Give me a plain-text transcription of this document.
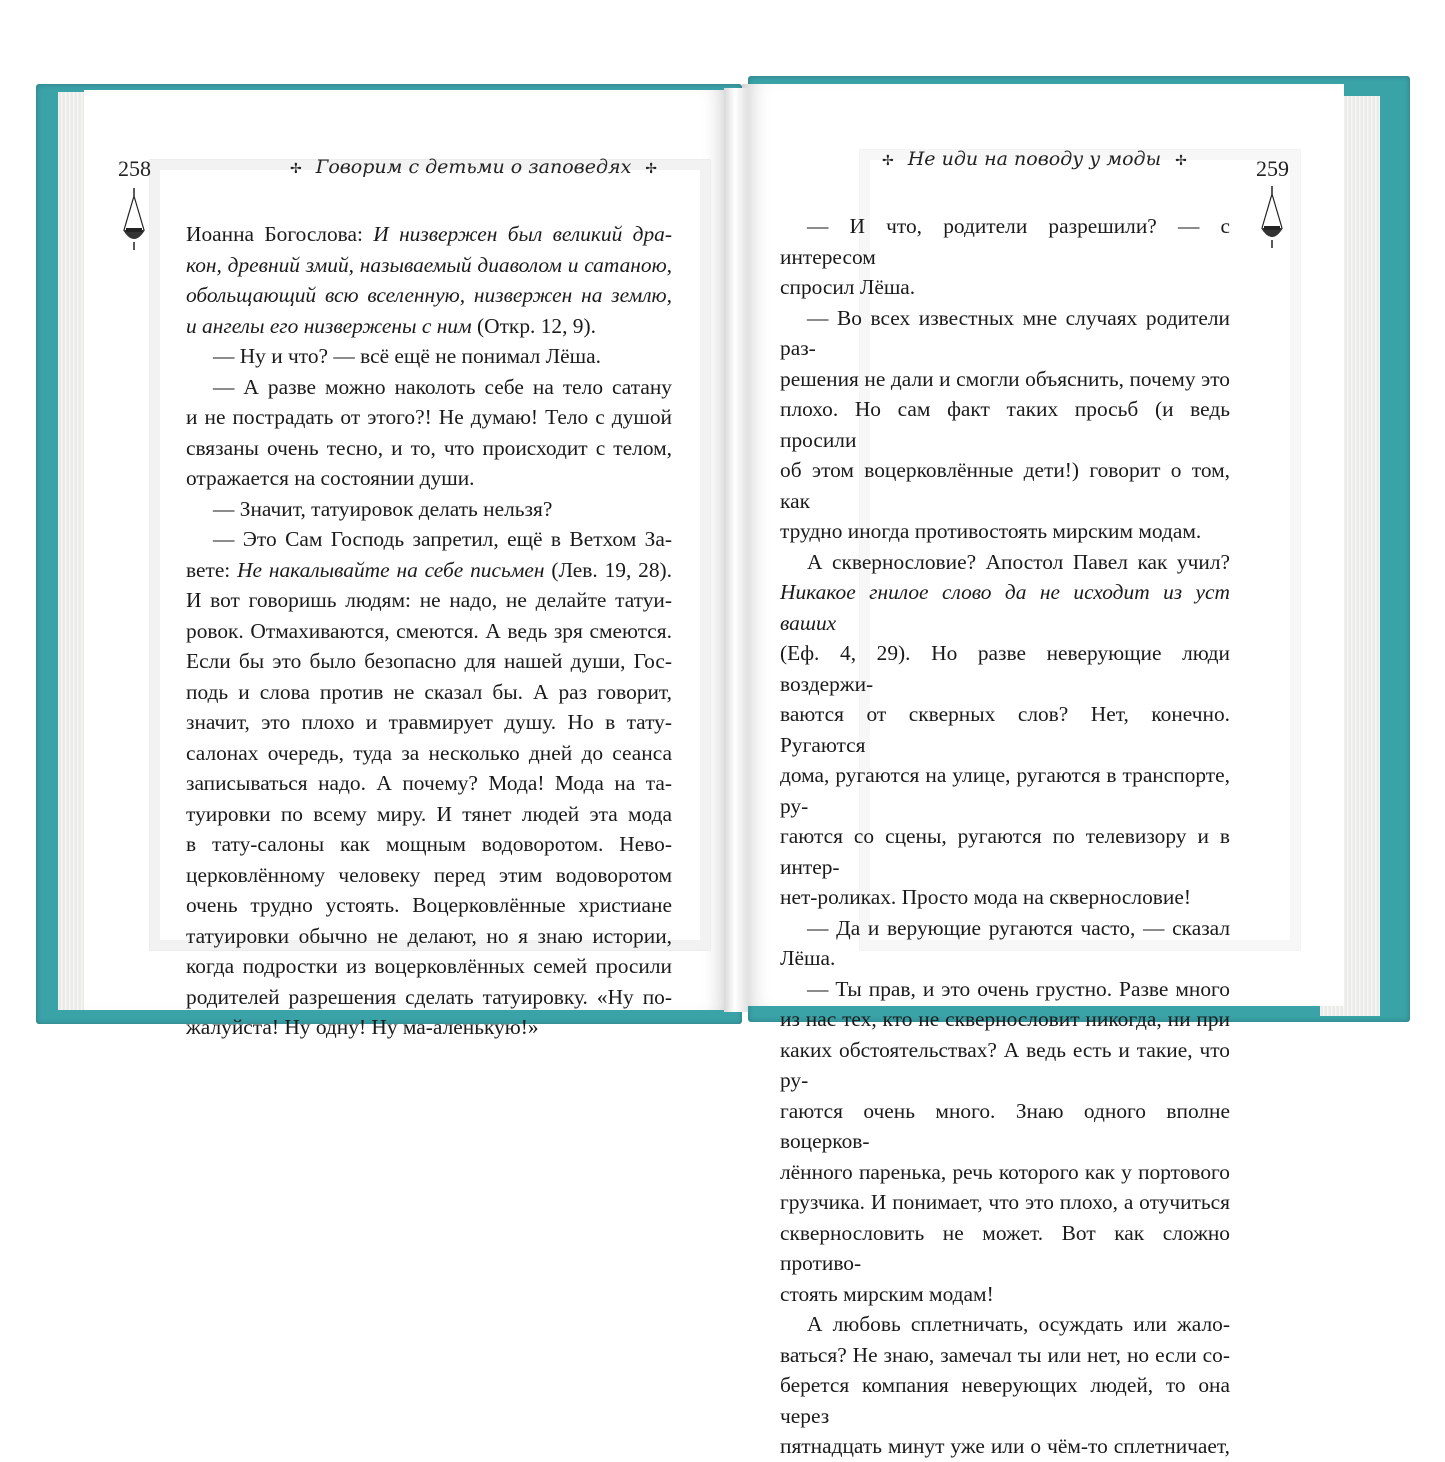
258	✢ Говорим с детьми о заповедях ✢	✢ Не иди на поводу у моды ✢	259
Иоанна Богослова: И низвержен был великий дра-
кон, древний змий, называемый диаволом и сатаною,
обольщающий всю вселенную, низвержен на землю,
и ангелы его низвержены с ним (Откр. 12, 9).
— Ну и что? — всё ещё не понимал Лёша.
— А разве можно наколоть себе на тело сатану
и не пострадать от этого?! Не думаю! Тело с душой
связаны очень тесно, и то, что происходит с телом,
отражается на состоянии души.
— Значит, татуировок делать нельзя?
— Это Сам Господь запретил, ещё в Ветхом За-
вете: Не накалывайте на себе письмен (Лев. 19, 28).
И вот говоришь людям: не надо, не делайте татуи-
ровок. Отмахиваются, смеются. А ведь зря смеются.
Если бы это было безопасно для нашей души, Гос-
подь и слова против не сказал бы. А раз говорит,
значит, это плохо и травмирует душу. Но в тату-
салонах очередь, туда за несколько дней до сеанса
записываться надо. А почему? Мода! Мода на та-
туировки по всему миру. И тянет людей эта мода
в тату-салоны как мощным водоворотом. Нево-
церковлённому человеку перед этим водоворотом
очень трудно устоять. Воцерковлённые христиане
татуировки обычно не делают, но я знаю истории,
когда подростки из воцерковлённых семей просили
родителей разрешения сделать татуировку. «Ну по-
жалуйста! Ну одну! Ну ма-аленькую!»
— И что, родители разрешили? — с интересом
спросил Лёша.
— Во всех известных мне случаях родители раз-
решения не дали и смогли объяснить, почему это
плохо. Но сам факт таких просьб (и ведь просили
об этом воцерковлённые дети!) говорит о том, как
трудно иногда противостоять мирским модам.
А сквернословие? Апостол Павел как учил?
Никакое гнилое слово да не исходит из уст ваших
(Еф. 4, 29). Но разве неверующие люди воздержи-
ваются от скверных слов? Нет, конечно. Ругаются
дома, ругаются на улице, ругаются в транспорте, ру-
гаются со сцены, ругаются по телевизору и в интер-
нет-роликах. Просто мода на сквернословие!
— Да и верующие ругаются часто, — сказал Лёша.
— Ты прав, и это очень грустно. Разве много
из нас тех, кто не сквернословит никогда, ни при
каких обстоятельствах? А ведь есть и такие, что ру-
гаются очень много. Знаю одного вполне воцерков-
лённого паренька, речь которого как у портового
грузчика. И понимает, что это плохо, а отучиться
сквернословить не может. Вот как сложно противо-
стоять мирским модам!
А любовь сплетничать, осуждать или жало-
ваться? Не знаю, замечал ты или нет, но если со-
берется компания неверующих людей, то она через
пятнадцать минут уже или о чём-то сплетничает,
